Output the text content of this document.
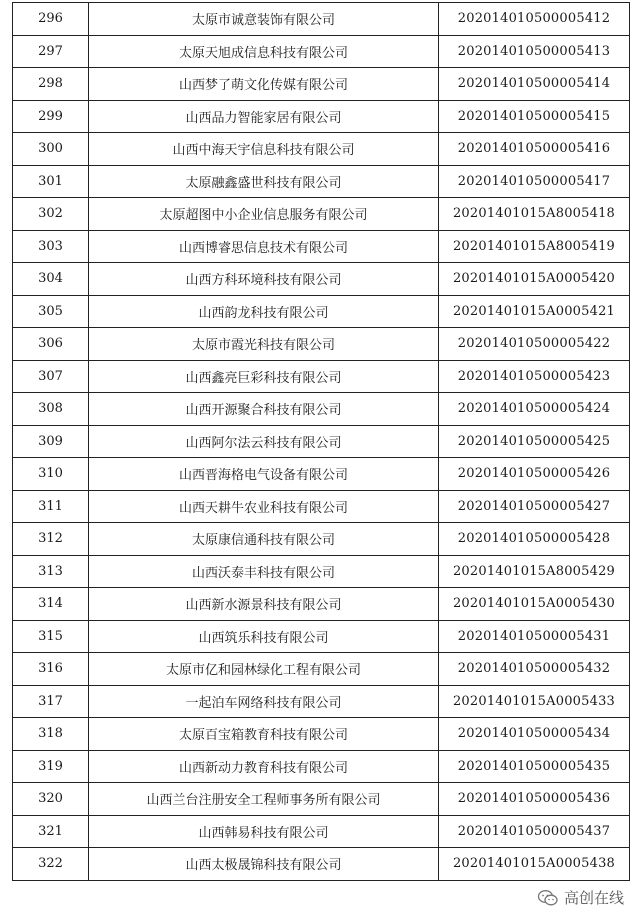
296	太原市诚意装饰有限公司	202014010500005412
297	太原天旭成信息科技有限公司	202014010500005413
298	山西梦了萌文化传媒有限公司	202014010500005414
299	山西品力智能家居有限公司	202014010500005415
300	山西中海天宇信息科技有限公司	202014010500005416
301	太原融鑫盛世科技有限公司	202014010500005417
302	太原超图中小企业信息服务有限公司	20201401015A8005418
303	山西博睿思信息技术有限公司	20201401015A8005419
304	山西方科环境科技有限公司	20201401015A0005420
305	山西韵龙科技有限公司	20201401015A0005421
306	太原市霞光科技有限公司	202014010500005422
307	山西鑫亮巨彩科技有限公司	202014010500005423
308	山西开源聚合科技有限公司	202014010500005424
309	山西阿尔法云科技有限公司	202014010500005425
310	山西晋海格电气设备有限公司	202014010500005426
311	山西天耕牛农业科技有限公司	202014010500005427
312	太原康信通科技有限公司	202014010500005428
313	山西沃泰丰科技有限公司	20201401015A8005429
314	山西新水源景科技有限公司	20201401015A0005430
315	山西筑乐科技有限公司	202014010500005431
316	太原市亿和园林绿化工程有限公司	202014010500005432
317	一起泊车网络科技有限公司	20201401015A0005433
318	太原百宝箱教育科技有限公司	202014010500005434
319	山西新动力教育科技有限公司	202014010500005435
320	山西兰台注册安全工程师事务所有限公司	202014010500005436
321	山西韩易科技有限公司	202014010500005437
322	山西太极晟锦科技有限公司	20201401015A0005438
高创在线
